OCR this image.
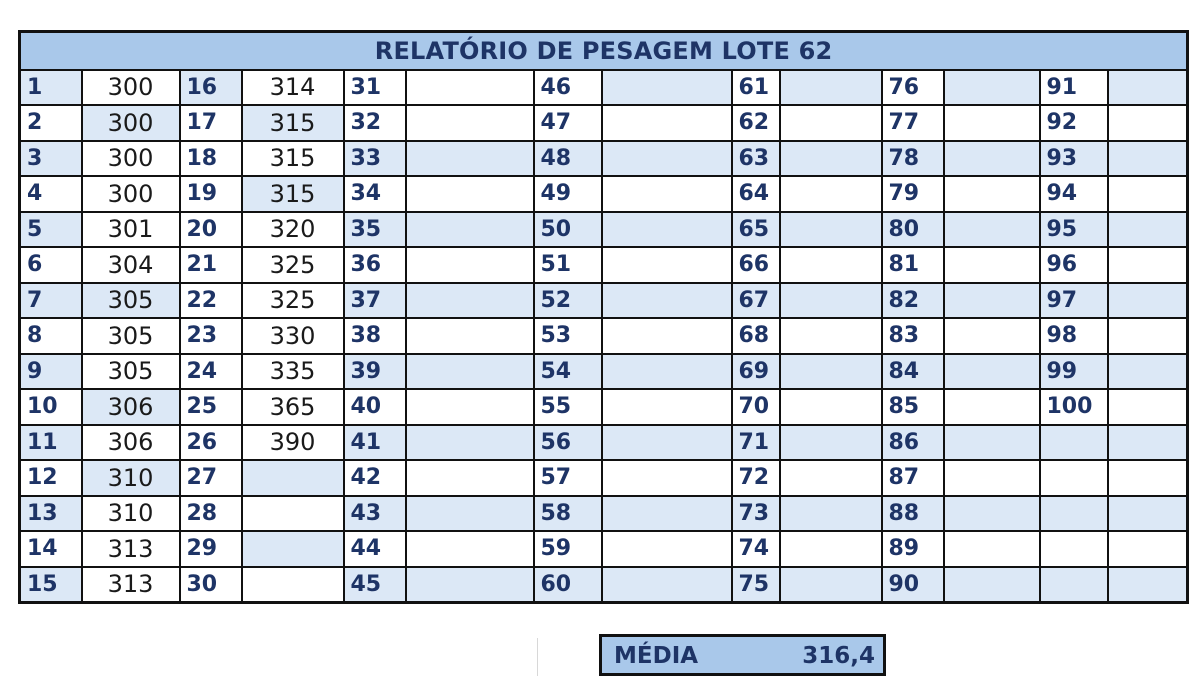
RELATÓRIO DE PESAGEM LOTE 62													
1	300	16	314	31		46		61		76		91	
2	300	17	315	32		47		62		77		92	
3	300	18	315	33		48		63		78		93	
4	300	19	315	34		49		64		79		94	
5	301	20	320	35		50		65		80		95	
6	304	21	325	36		51		66		81		96	
7	305	22	325	37		52		67		82		97	
8	305	23	330	38		53		68		83		98	
9	305	24	335	39		54		69		84		99	
10	306	25	365	40		55		70		85		100	
11	306	26	390	41		56		71		86			
12	310	27		42		57		72		87			
13	310	28		43		58		73		88			
14	313	29		44		59		74		89			
15	313	30		45		60		75		90			
MÉDIA	316,4
